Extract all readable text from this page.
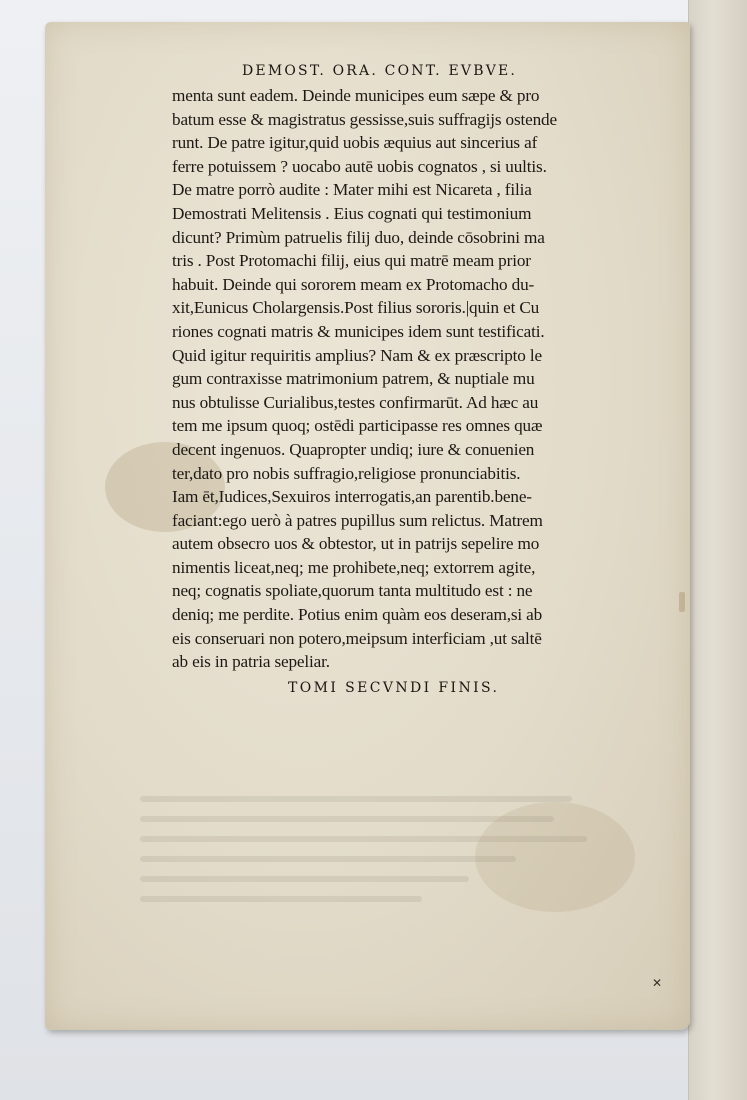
DEMOST. ORA. CONT. EVBVE.
menta sunt eadem. Deinde municipes eum sæpe & pro
batum esse & magistratus gessisse,suis suffragijs ostende
runt. De patre igitur,quid uobis æquius aut sincerius af
ferre potuissem ? uocabo autē uobis cognatos , si uultis.
De matre porrò audite : Mater mihi est Nicareta , filia
Demostrati Melitensis . Eius cognati qui testimonium
dicunt? Primùm patruelis filij duo, deinde cōsobrini ma
tris . Post Protomachi filij, eius qui matrē meam prior
habuit. Deinde qui sororem meam ex Protomacho du-
xit,Eunicus Cholargensis.Post filius sororis.|quin et Cu
riones cognati matris & municipes idem sunt testificati.
Quid igitur requiritis amplius? Nam & ex præscripto le
gum contraxisse matrimonium patrem, & nuptiale mu
nus obtulisse Curialibus,testes confirmarūt. Ad hæc au
tem me ipsum quoq; ostēdi participasse res omnes quæ
decent ingenuos. Quapropter undiq; iure & conuenien
ter,dato pro nobis suffragio,religiose pronunciabitis.
Iam ēt,Iudices,Sexuiros interrogatis,an parentib.bene-
faciant:ego uerò à patres pupillus sum relictus. Matrem
autem obsecro uos & obtestor, ut in patrijs sepelire mo
nimentis liceat,neq; me prohibete,neq; extorrem agite,
neq; cognatis spoliate,quorum tanta multitudo est : ne
deniq; me perdite. Potius enim quàm eos deseram,si ab
eis conseruari non potero,meipsum interficiam ,ut saltē
ab eis in patria sepeliar.
TOMI SECVNDI FINIS.
✕
